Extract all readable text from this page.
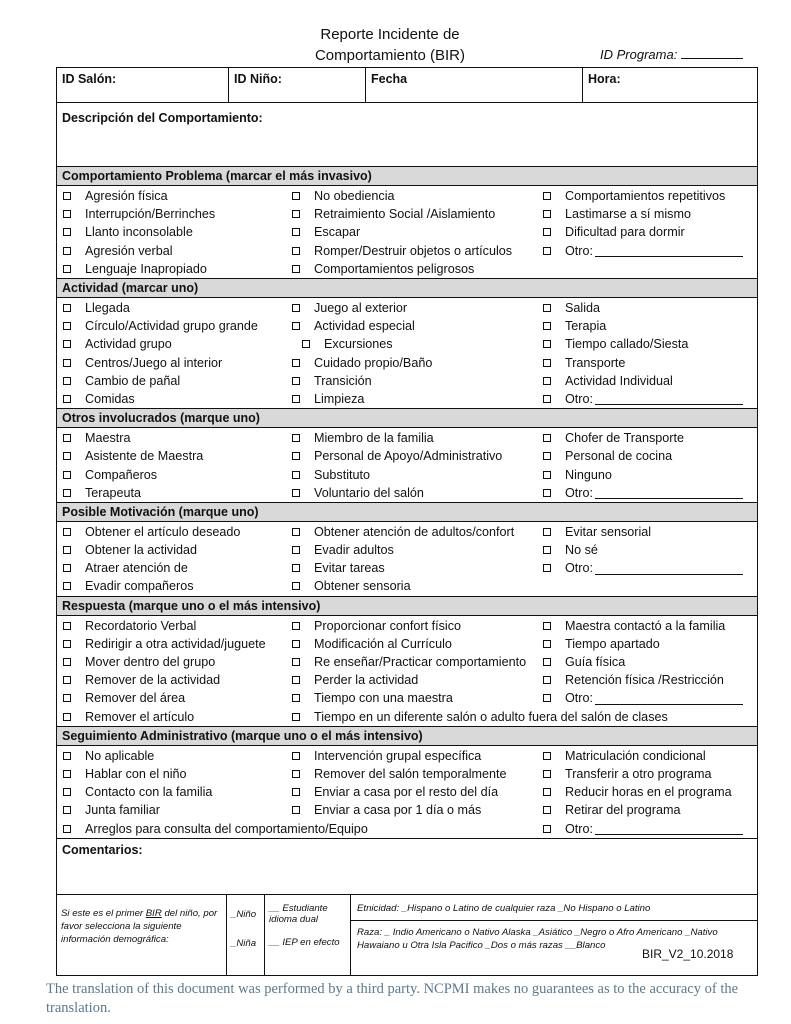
Reporte Incidente de
Comportamiento (BIR)	ID Programa:
ID Salón:	ID Niño:	Fecha	Hora:
Descripción del Comportamiento:
Comportamiento Problema (marcar el más invasivo)
Agresión física	No obediencia	Comportamientos repetitivos
Interrupción/Berrinches	Retraimiento Social /Aislamiento	Lastimarse a sí mismo
Llanto inconsolable	Escapar	Dificultad para dormir
Agresión verbal	Romper/Destruir objetos o artículos	Otro:
Lenguaje Inapropiado	Comportamientos peligrosos
Actividad (marcar uno)
Llegada	Juego al exterior	Salida
Círculo/Actividad grupo grande	Actividad especial	Terapia
Actividad grupo	Excursiones	Tiempo callado/Siesta
Centros/Juego al interior	Cuidado propio/Baño	Transporte
Cambio de pañal	Transición	Actividad Individual
Comidas	Limpieza	Otro:
Otros involucrados (marque uno)
Maestra	Miembro de la familia	Chofer de Transporte
Asistente de Maestra	Personal de Apoyo/Administrativo	Personal de cocina
Compañeros	Substituto	Ninguno
Terapeuta	Voluntario del salón	Otro:
Posible Motivación (marque uno)
Obtener el artículo deseado	Obtener atención de adultos/confort	Evitar sensorial
Obtener la actividad	Evadir adultos	No sé
Atraer atención de	Evitar tareas	Otro:
Evadir compañeros	Obtener sensoria
Respuesta (marque uno o el más intensivo)
Recordatorio Verbal	Proporcionar confort físico	Maestra contactó a la familia
Redirigir a otra actividad/juguete	Modificación al Currículo	Tiempo apartado
Mover dentro del grupo	Re enseñar/Practicar comportamiento	Guía física
Remover de la actividad	Perder la actividad	Retención física /Restricción
Remover del área	Tiempo con una maestra	Otro:
Remover el artículo	Tiempo en un diferente salón o adulto fuera del salón de clases
Seguimiento Administrativo (marque uno o el más intensivo)
No aplicable	Intervención grupal específica	Matriculación condicional
Hablar con el niño	Remover del salón temporalmente	Transferir a otro programa
Contacto con la familia	Enviar a casa por el resto del día	Reducir horas en el programa
Junta familiar	Enviar a casa por 1 día o más	Retirar del programa
Arreglos para consulta del comportamiento/Equipo	Otro:
Comentarios:
Si este es el primer BIR del niño, por favor selecciona la siguiente información demográfica:
_Niño
_Niña
__ Estudiante idioma dual
__ IEP en efecto
Etnicidad: _Hispano o Latino de cualquier raza _No Hispano o Latino
Raza: _ Indio Americano o Nativo Alaska _Asiático _Negro o Afro Americano _Nativo Hawaiano u Otra Isla Pacifico _Dos o más razas __Blanco
BIR_V2_10.2018
The translation of this document was performed by a third party. NCPMI makes no guarantees as to the accuracy of the translation.
